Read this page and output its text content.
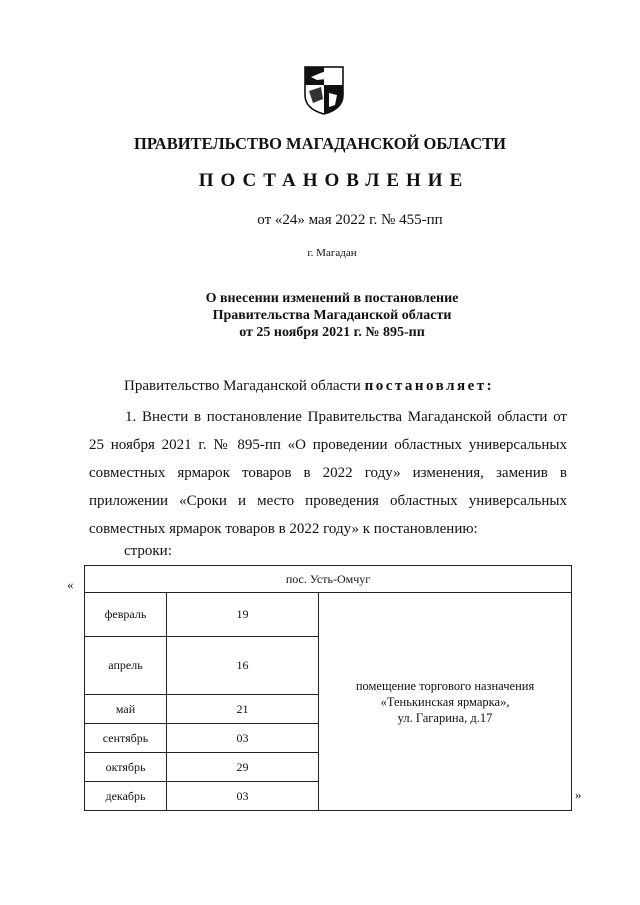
ПРАВИТЕЛЬСТВО МАГАДАНСКОЙ ОБЛАСТИ
ПОСТАНОВЛЕНИЕ
от «24» мая 2022 г. № 455-пп
г. Магадан
О внесении изменений в постановление
Правительства Магаданской области
от 25 ноября 2021 г. № 895-пп
Правительство Магаданской области постановляет:
1. Внести в постановление Правительства Магаданской области от 25 ноября 2021 г. № 895-пп «О проведении областных универсальных совместных ярмарок товаров в 2022 году» изменения, заменив в приложении «Сроки и место проведения областных универсальных совместных ярмарок товаров в 2022 году» к постановлению:
строки:
«
»
пос. Усть-Омчуг		
февраль	19	помещение торгового назначения
«Тенькинская ярмарка»,
ул. Гагарина, д.17

апрель	16	
май	21	
сентябрь	03	
октябрь	29	
декабрь	03	
